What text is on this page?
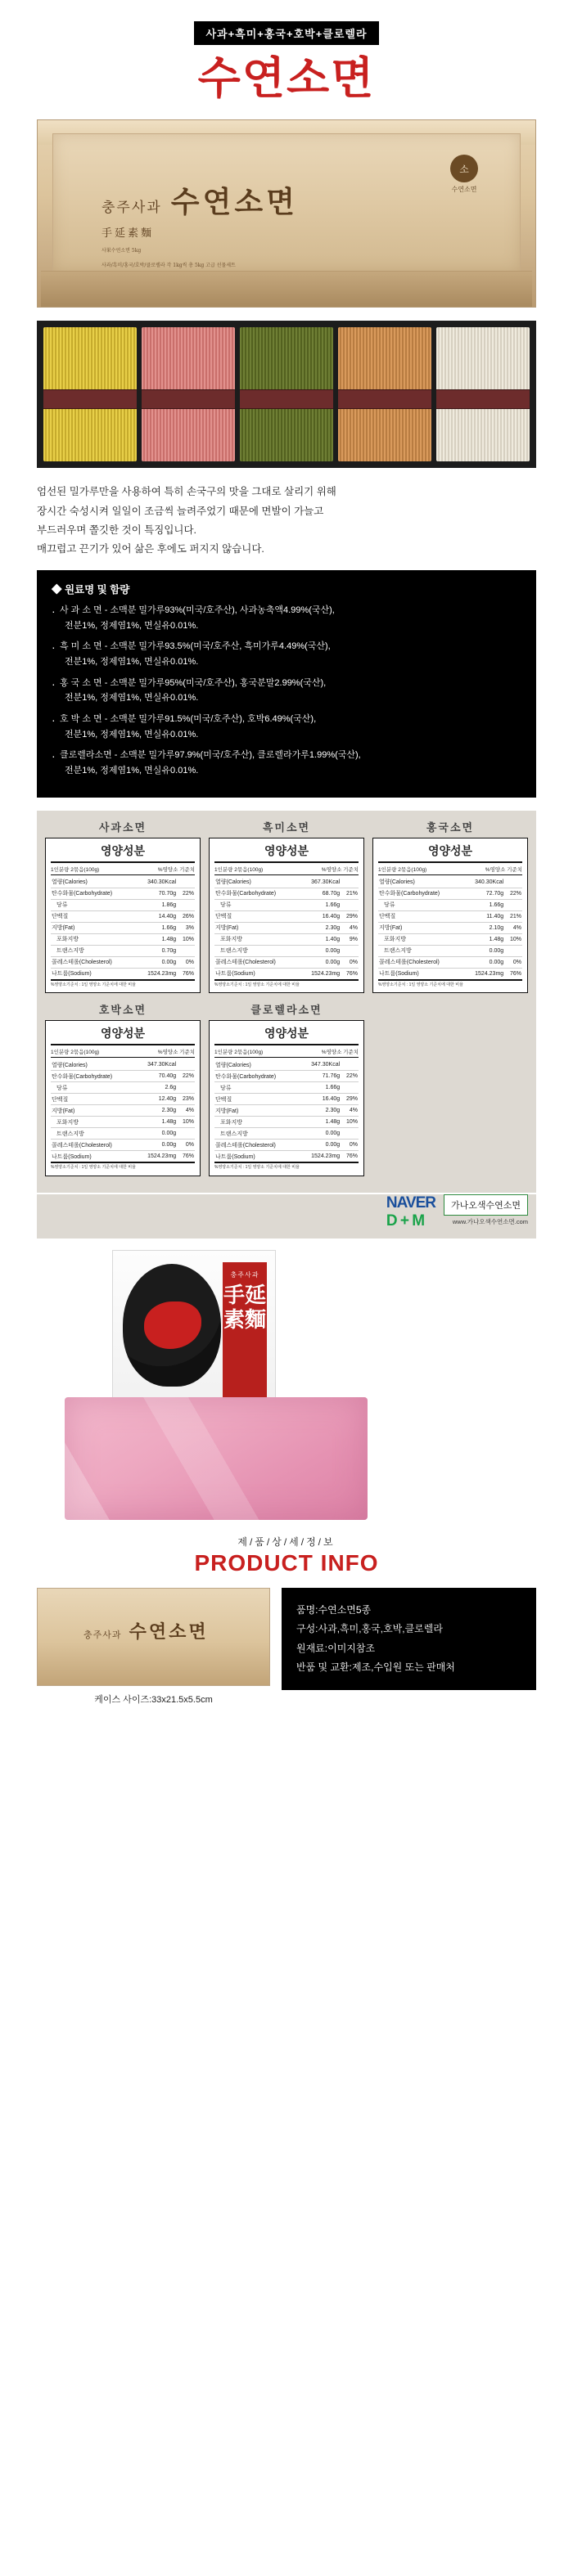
사과+흑미+홍국+호박+클로렐라
수연소면
충주사과 수연소면
手延素麵
사果수연소면 5kg
사과/흑미/홍국/호박/클로렐라 각 1kg씩 총 5kg 고급 선물세트
소
수연소면
엄선된 밀가루만을 사용하여 특히 손국구의 맛을 그대로 살리기 위해
장시간 숙성시켜 일일이 조금씩 늘려주었기 때문에 면발이 가늘고
부드러우며 쫄깃한 것이 특징입니다.
매끄럽고 끈기가 있어 삶은 후에도 퍼지지 않습니다.
◆ 원료명 및 함량
· 사 과 소 면 - 소맥분 밀가루93%(미국/호주산), 사과농축액4.99%(국산),
전분1%, 정제염1%, 면실유0.01%.
· 흑 미 소 면 - 소맥분 밀가루93.5%(미국/호주산, 흑미가루4.49%(국산),
전분1%, 정제염1%, 면실유0.01%.
· 홍 국 소 면 - 소맥분 밀가루95%(미국/호주산), 홍국분말2.99%(국산),
전분1%, 정제염1%, 면실유0.01%.
· 호 박 소 면 - 소맥분 밀가루91.5%(미국/호주산), 호박6.49%(국산),
전분1%, 정제염1%, 면실유0.01%.
· 클로렐라소면 - 소맥분 밀가루97.9%(미국/호주산), 클로렐라가루1.99%(국산),
전분1%, 정제염1%, 면실유0.01%.
사과소면
영양성분
1인분량 2묶음(100g)	%영양소 기준치
열량(Calories)	340.30Kcal	
탄수화물(Carbohydrate)	70.70g	22%
당류	1.86g	
단백질	14.40g	26%
지방(Fat)	1.66g	3%
포화지방	1.48g	10%
트랜스지방	0.70g	
콜레스테롤(Cholesterol)	0.00g	0%
나트륨(Sodium)	1524.23mg	76%
%영양소기준치 : 1일 영양소 기준치에 대한 비율
흑미소면
영양성분
1인분량 2묶음(100g)	%영양소 기준치
열량(Calories)	367.30Kcal	
탄수화물(Carbohydrate)	68.70g	21%
당류	1.66g	
단백질	16.40g	29%
지방(Fat)	2.30g	4%
포화지방	1.40g	9%
트랜스지방	0.00g	
콜레스테롤(Cholesterol)	0.00g	0%
나트륨(Sodium)	1524.23mg	76%
%영양소기준치 : 1일 영양소 기준치에 대한 비율
홍국소면
영양성분
1인분량 2묶음(100g)	%영양소 기준치
열량(Calories)	340.30Kcal	
탄수화물(Carbohydrate)	72.70g	22%
당류	1.66g	
단백질	11.40g	21%
지방(Fat)	2.10g	4%
포화지방	1.48g	10%
트랜스지방	0.00g	
콜레스테롤(Cholesterol)	0.00g	0%
나트륨(Sodium)	1524.23mg	76%
%영양소기준치 : 1일 영양소 기준치에 대한 비율
호박소면
영양성분
1인분량 2묶음(100g)	%영양소 기준치
열량(Calories)	347.30Kcal	
탄수화물(Carbohydrate)	70.40g	22%
당류	2.6g	
단백질	12.40g	23%
지방(Fat)	2.30g	4%
포화지방	1.48g	10%
트랜스지방	0.00g	
콜레스테롤(Cholesterol)	0.00g	0%
나트륨(Sodium)	1524.23mg	76%
%영양소기준치 : 1일 영양소 기준치에 대한 비율
클로렐라소면
영양성분
1인분량 2묶음(100g)	%영양소 기준치
열량(Calories)	347.30Kcal	
탄수화물(Carbohydrate)	71.76g	22%
당류	1.66g	
단백질	16.40g	29%
지방(Fat)	2.30g	4%
포화지방	1.48g	10%
트랜스지방	0.00g	
콜레스테롤(Cholesterol)	0.00g	0%
나트륨(Sodium)	1524.23mg	76%
%영양소기준치 : 1일 영양소 기준치에 대한 비율
NAVER
D + M
가나오색수연소면
www.가나오색수연소면.com
충주사과
手延素麵
제/품/상/세/정/보
PRODUCT INFO
충주사과 수연소면
케이스 사이즈:33x21.5x5.5cm
품명:수연소면5종
구성:사과,흑미,홍국,호박,클로렐라
원재료:이미지참조
반품 및 교환:제조,수입원 또는 판매처
